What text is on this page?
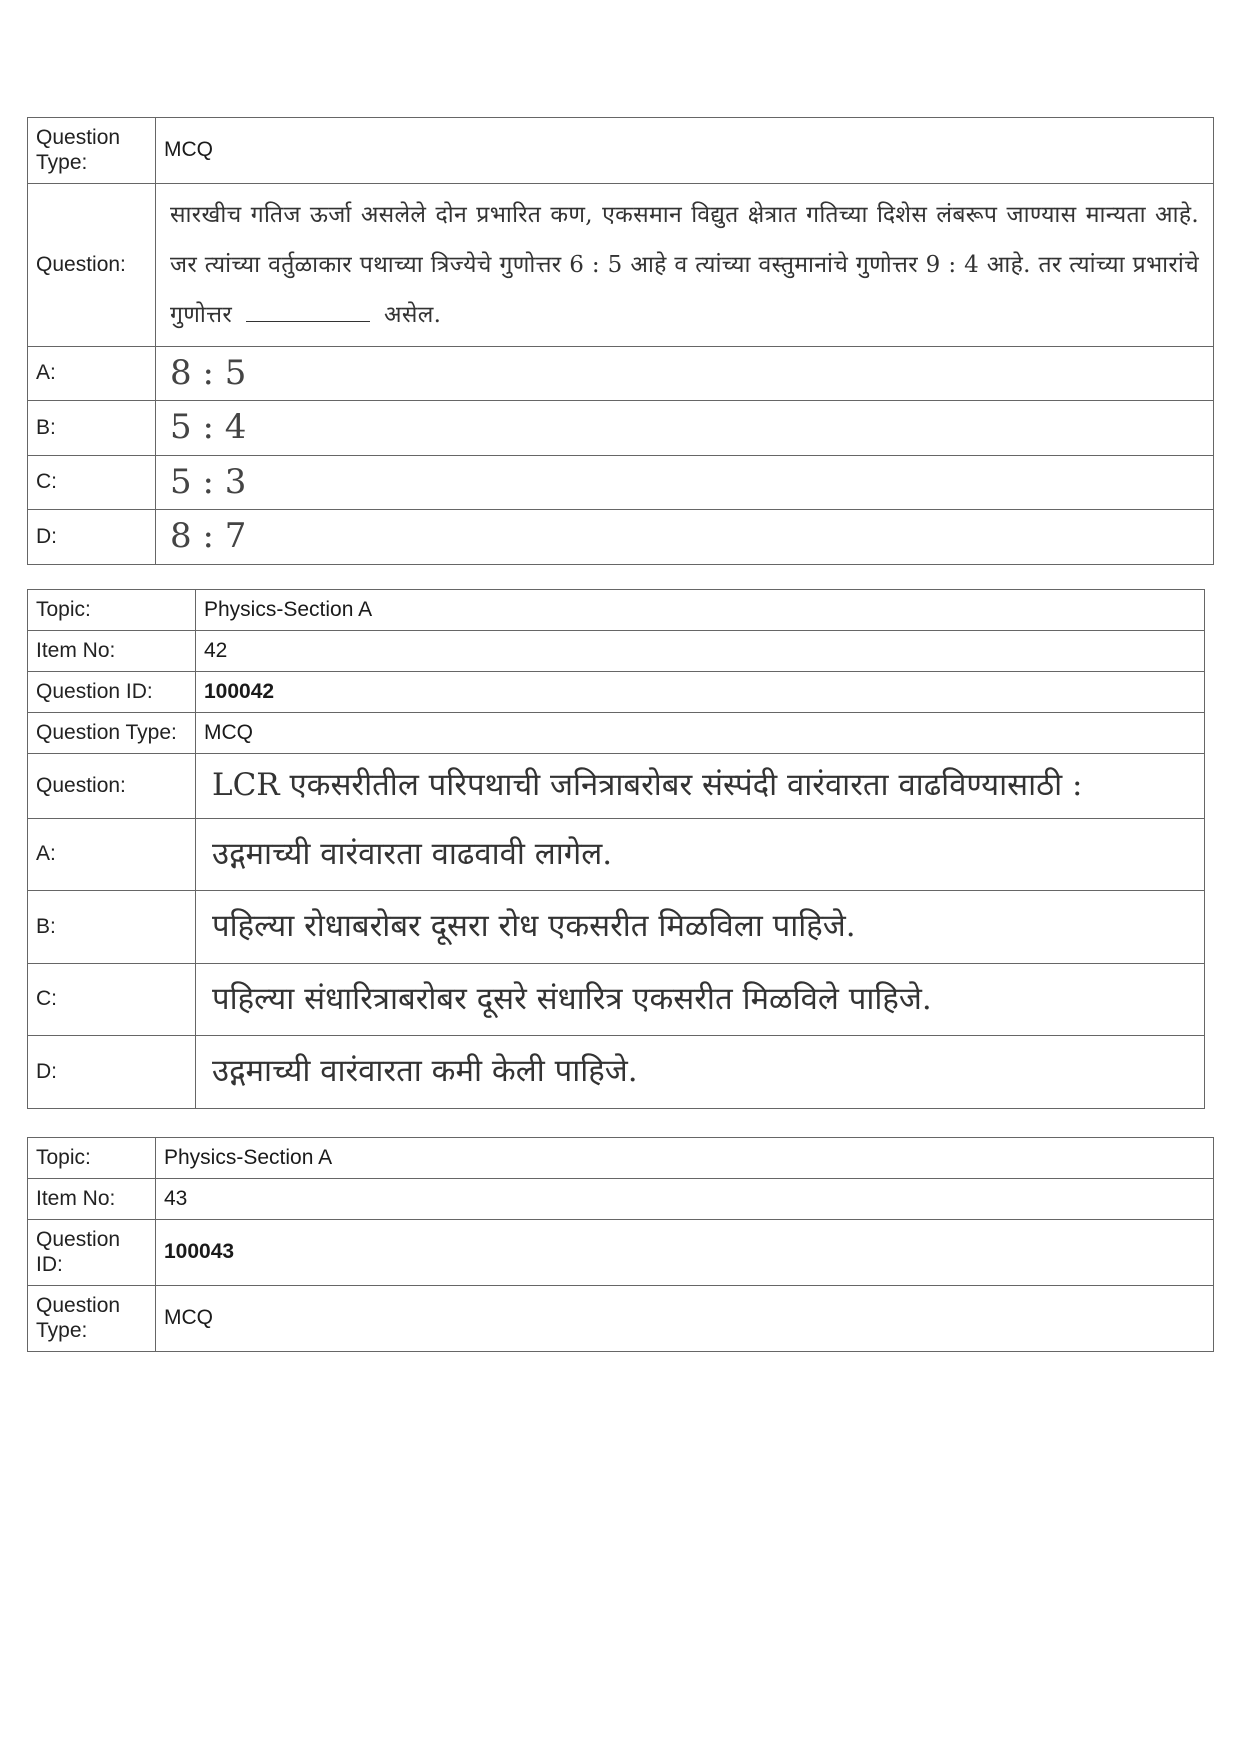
Question Type:	MCQ
Question:	सारखीच गतिज ऊर्जा असलेले दोन प्रभारित कण, एकसमान विद्युत क्षेत्रात गतिच्या दिशेस लंबरूप जाण्यास मान्यता आहे. जर त्यांच्या वर्तुळाकार पथाच्या त्रिज्येचे गुणोत्तर 6 : 5 आहे व त्यांच्या वस्तुमानांचे गुणोत्तर 9 : 4 आहे. तर त्यांच्या प्रभारांचे गुणोत्तर असेल.
A:	8 : 5
B:	5 : 4
C:	5 : 3
D:	8 : 7
Topic:	Physics-Section A
Item No:	42
Question ID:	100042
Question Type:	MCQ
Question:	LCR एकसरीतील परिपथाची जनित्राबरोबर संस्पंदी वारंवारता वाढविण्यासाठी :
A:	उद्गमाच्यी वारंवारता वाढवावी लागेल.
B:	पहिल्या रोधाबरोबर दूसरा रोध एकसरीत मिळविला पाहिजे.
C:	पहिल्या संधारित्राबरोबर दूसरे संधारित्र एकसरीत मिळविले पाहिजे.
D:	उद्गमाच्यी वारंवारता कमी केली पाहिजे.
Topic:	Physics-Section A
Item No:	43
Question ID:	100043
Question Type:	MCQ
